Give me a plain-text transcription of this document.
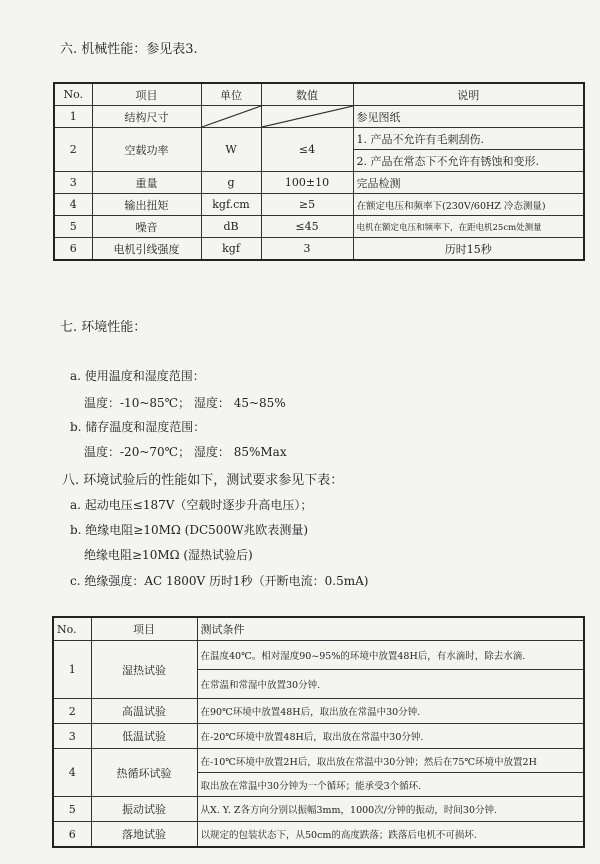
六. 机械性能：参见表3.
No.	项目	单位	数值	说明
1	结构尺寸			参见图纸
2	空载功率	W	≤4	1. 产品不允许有毛刺刮伤.
				2. 产品在常态下不允许有锈蚀和变形.
3	重量	g	100±10	完品检测
4	输出扭矩	kgf.cm	≥5	在额定电压和频率下(230V/60HZ 冷态测量)
5	噪音	dB	≤45	电机在额定电压和频率下，在距电机25cm处测量
6	电机引线强度	kgf	3	历时15秒
七. 环境性能：
a. 使用温度和湿度范围：
温度：-10~85℃； 湿度： 45~85%
b. 储存温度和湿度范围：
温度：-20~70℃； 湿度： 85%Max
八. 环境试验后的性能如下，测试要求参见下表：
a. 起动电压≤187V（空载时逐步升高电压）；
b. 绝缘电阻≥10MΩ (DC500W兆欧表测量)
绝缘电阻≥10MΩ (湿热试验后)
c. 绝缘强度：AC 1800V 历时1秒（开断电流：0.5mA)
No.	项目	测试条件
1	湿热试验	在温度40℃。相对湿度90~95%的环境中放置48H后，有水滴时，除去水滴.
		在常温和常湿中放置30分钟.
2	高温试验	在90℃环境中放置48H后，取出放在常温中30分钟.
3	低温试验	在-20℃环境中放置48H后，取出放在常温中30分钟.
4	热循环试验	在-10℃环境中放置2H后，取出放在常温中30分钟；然后在75℃环境中放置2H
		取出放在常温中30分钟为一个循环；能承受3个循环.
5	振动试验	从X. Y. Z各方向分别以振幅3mm，1000次/分钟的振动，时间30分钟.
6	落地试验	以规定的包装状态下，从50cm的高度跌落；跌落后电机不可损坏.
